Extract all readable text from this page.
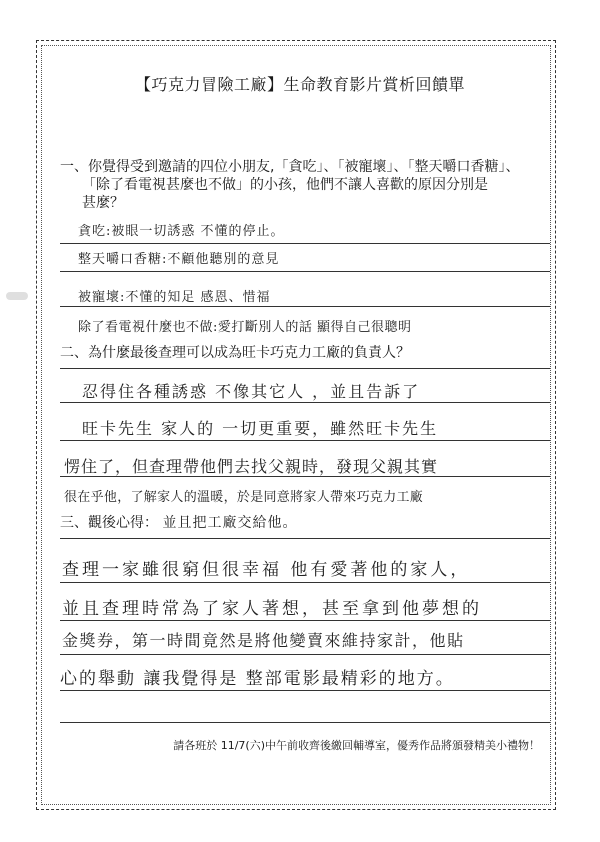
【巧克力冒險工廠】生命教育影片賞析回饋單
一、你覺得受到邀請的四位小朋友,「貪吃」、「被寵壞」、「整天嚼口香糖」、
「除了看電視甚麼也不做」的小孩，他們不讓人喜歡的原因分別是
甚麼？
貪吃:被眼一切誘惑 不懂的停止。
整天嚼口香糖:不顧他聽別的意見
被寵壞:不懂的知足 感恩、惜福
除了看電視什麼也不做:愛打斷別人的話 顯得自己很聰明
二、為什麼最後查理可以成為旺卡巧克力工廠的負責人？
忍得住各種誘惑 不像其它人 ，並且告訴了
旺卡先生 家人的 一切更重要，雖然旺卡先生
愣住了，但查理帶他們去找父親時，發現父親其實
很在乎他，了解家人的溫暖，於是同意將家人帶來巧克力工廠
三、觀後心得： 並且把工廠交給他。
查理一家雖很窮但很幸福 他有愛著他的家人，
並且查理時常為了家人著想，甚至拿到他夢想的
金獎券，第一時間竟然是將他變賣來維持家計，他貼
心的舉動 讓我覺得是 整部電影最精彩的地方。
請各班於 11/7(六)中午前收齊後繳回輔導室，優秀作品將頒發精美小禮物！
